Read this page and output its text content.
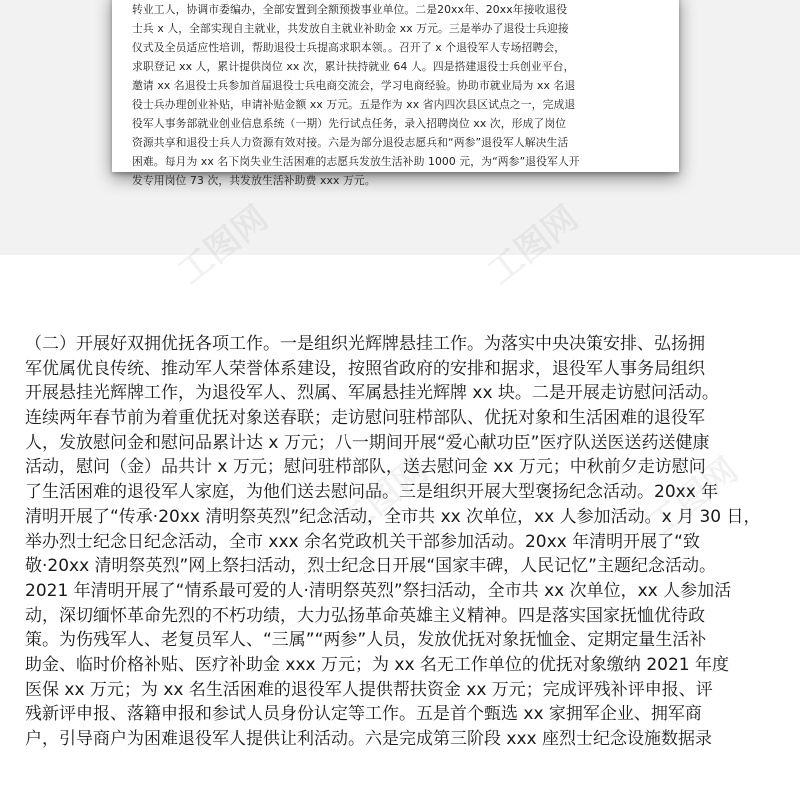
转业工人，协调市委编办，全部安置到全额预拨事业单位。二是20xx年、20xx年接收退役
士兵 x 人，全部实现自主就业，共发放自主就业补助金 xx 万元。三是举办了退役士兵迎接
仪式及全员适应性培训，帮助退役士兵提高求职本领。。召开了 x 个退役军人专场招聘会，
求职登记 xx 人，累计提供岗位 xx 次，累计扶持就业 64 人。四是搭建退役士兵创业平台，
邀请 xx 名退役士兵参加首届退役士兵电商交流会，学习电商经验。协助市就业局为 xx 名退
役士兵办理创业补贴，申请补贴金额 xx 万元。五是作为 xx 省内四次县区试点之一，完成退
役军人事务部就业创业信息系统（一期）先行试点任务，录入招聘岗位 xx 次，形成了岗位
资源共享和退役士兵人力资源有效对接。六是为部分退役志愿兵和“两参”退役军人解决生活
困难。每月为 xx 名下岗失业生活困难的志愿兵发放生活补助 1000 元，为“两参”退役军人开
发专用岗位 73 次，共发放生活补助费 xxx 万元。
工图网	工图网
（二）开展好双拥优抚各项工作。一是组织光辉牌悬挂工作。为落实中央决策安排、弘扬拥
军优属优良传统、推动军人荣誉体系建设，按照省政府的安排和据求，退役军人事务局组织
开展悬挂光辉牌工作，为退役军人、烈属、军属悬挂光辉牌 xx 块。二是开展走访慰问活动。
连续两年春节前为着重优抚对象送春联；走访慰问驻栉部队、优抚对象和生活困难的退役军
人，发放慰问金和慰问品累计达 x 万元；八一期间开展“爱心献功臣”医疗队送医送药送健康
活动，慰问（金）品共计 x 万元；慰问驻栉部队，送去慰问金 xx 万元；中秋前夕走访慰问
了生活困难的退役军人家庭，为他们送去慰问品。三是组织开展大型褒扬纪念活动。20xx 年
清明开展了“传承·20xx 清明祭英烈”纪念活动，全市共 xx 次单位，xx 人参加活动。x 月 30 日，
举办烈士纪念日纪念活动，全市 xxx 余名党政机关干部参加活动。20xx 年清明开展了“致
敬·20xx 清明祭英烈”网上祭扫活动，烈士纪念日开展“国家丰碑，人民记忆”主题纪念活动。
2021 年清明开展了“情系最可爱的人·清明祭英烈”祭扫活动，全市共 xx 次单位，xx 人参加活
动，深切缅怀革命先烈的不朽功绩，大力弘扬革命英雄主义精神。四是落实国家抚恤优待政
策。为伤残军人、老复员军人、“三属”“两参”人员，发放优抚对象抚恤金、定期定量生活补
助金、临时价格补贴、医疗补助金 xxx 万元；为 xx 名无工作单位的优抚对象缴纳 2021 年度
医保 xx 万元；为 xx 名生活困难的退役军人提供帮扶资金 xx 万元；完成评残补评申报、评
残新评申报、落籍申报和参试人员身份认定等工作。五是首个甄选 xx 家拥军企业、拥军商
户，引导商户为困难退役军人提供让利活动。六是完成第三阶段 xxx 座烈士纪念设施数据录
